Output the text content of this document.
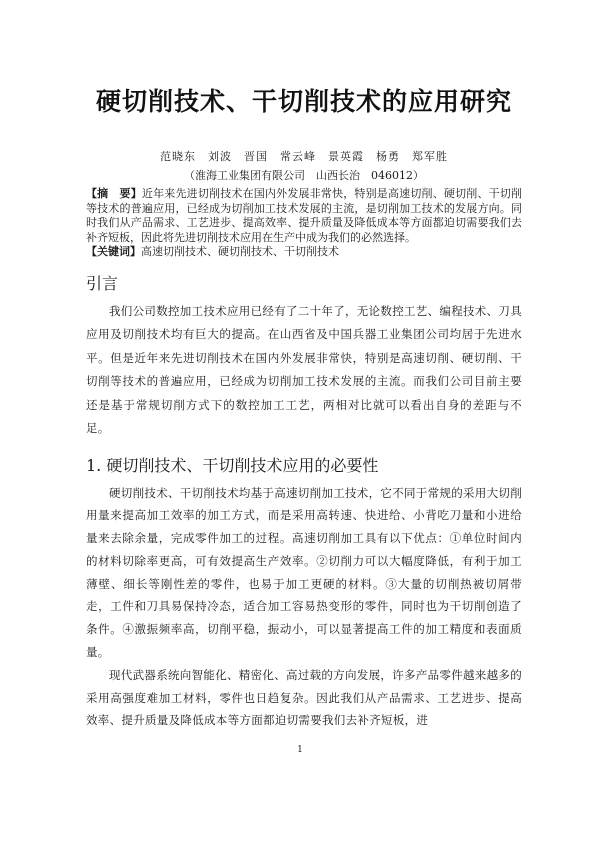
硬切削技术、干切削技术的应用研究
范晓东　刘波　晋国　常云峰　景英霞　杨勇　郑军胜
（淮海工业集团有限公司　山西长治　046012）
【摘　要】近年来先进切削技术在国内外发展非常快，特别是高速切削、硬切削、干切削等技术的普遍应用，已经成为切削加工技术发展的主流，是切削加工技术的发展方向。同时我们从产品需求、工艺进步、提高效率、提升质量及降低成本等方面都迫切需要我们去补齐短板，因此将先进切削技术应用在生产中成为我们的必然选择。
【关键词】高速切削技术、硬切削技术、干切削技术
引言

我们公司数控加工技术应用已经有了二十年了，无论数控工艺、编程技术、刀具应用及切削技术均有巨大的提高。在山西省及中国兵器工业集团公司均居于先进水平。但是近年来先进切削技术在国内外发展非常快，特别是高速切削、硬切削、干切削等技术的普遍应用，已经成为切削加工技术发展的主流。而我们公司目前主要还是基于常规切削方式下的数控加工工艺，两相对比就可以看出自身的差距与不足。

1. 硬切削技术、干切削技术应用的必要性

硬切削技术、干切削技术均基于高速切削加工技术，它不同于常规的采用大切削用量来提高加工效率的加工方式，而是采用高转速、快进给、小背吃刀量和小进给量来去除余量，完成零件加工的过程。高速切削加工具有以下优点：①单位时间内的材料切除率更高，可有效提高生产效率。②切削力可以大幅度降低，有利于加工薄壁、细长等刚性差的零件，也易于加工更硬的材料。③大量的切削热被切屑带走，工件和刀具易保持冷态，适合加工容易热变形的零件，同时也为干切削创造了条件。④激振频率高，切削平稳，振动小，可以显著提高工件的加工精度和表面质量。

现代武器系统向智能化、精密化、高过载的方向发展，许多产品零件越来越多的采用高强度难加工材料，零件也日趋复杂。因此我们从产品需求、工艺进步、提高效率、提升质量及降低成本等方面都迫切需要我们去补齐短板，进

1
